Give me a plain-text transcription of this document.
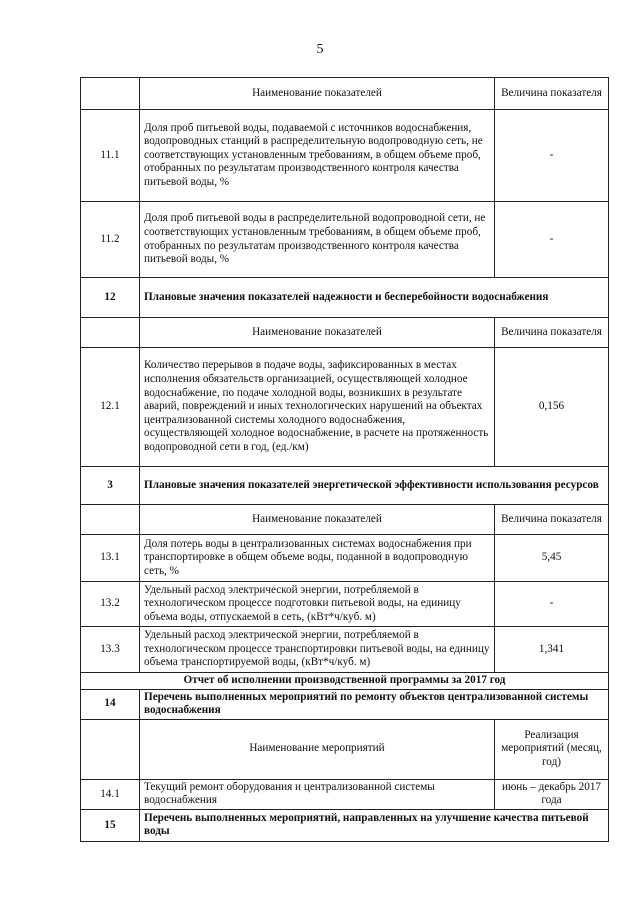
5
	Наименование показателей	Величина показателя
11.1	Доля проб питьевой воды, подаваемой с источников водоснабжения, водопроводных станций в распределительную водопроводную сеть, не соответствующих установленным требованиям, в общем объеме проб, отобранных по результатам производственного контроля качества питьевой воды, %	-
11.2	Доля проб питьевой воды в распределительной водопроводной сети, не соответствующих установленным требованиям, в общем объеме проб, отобранных по результатам производственного контроля качества питьевой воды, %	-
12	Плановые значения показателей надежности и бесперебойности водоснабжения	
	Наименование показателей	Величина показателя
12.1	Количество перерывов в подаче воды, зафиксированных в местах исполнения обязательств организацией, осуществляющей холодное водоснабжение, по подаче холодной воды, возникших в результате аварий, повреждений и иных технологических нарушений на объектах централизованной системы холодного водоснабжения, осуществляющей холодное водоснабжение, в расчете на протяженность водопроводной сети в год, (ед./км)	0,156
3	Плановые значения показателей энергетической эффективности использования ресурсов	
	Наименование показателей	Величина показателя
13.1	Доля потерь воды в централизованных системах водоснабжения при транспортировке в общем объеме воды, поданной в водопроводную сеть, %	5,45
13.2	Удельный расход электрической энергии, потребляемой в технологическом процессе подготовки питьевой воды, на единицу объема воды, отпускаемой в сеть, (кВт*ч/куб. м)	-
13.3	Удельный расход электрической энергии, потребляемой в технологическом процессе транспортировки питьевой воды, на единицу объема транспортируемой воды, (кВт*ч/куб. м)	1,341
Отчет об исполнении производственной программы за 2017 год		
14	Перечень выполненных мероприятий по ремонту объектов централизованной системы водоснабжения	
	Наименование мероприятий	Реализация мероприятий (месяц, год)
14.1	Текущий ремонт оборудования и централизованной системы водоснабжения	июнь – декабрь 2017 года
15	Перечень выполненных мероприятий, направленных на улучшение качества питьевой воды	
